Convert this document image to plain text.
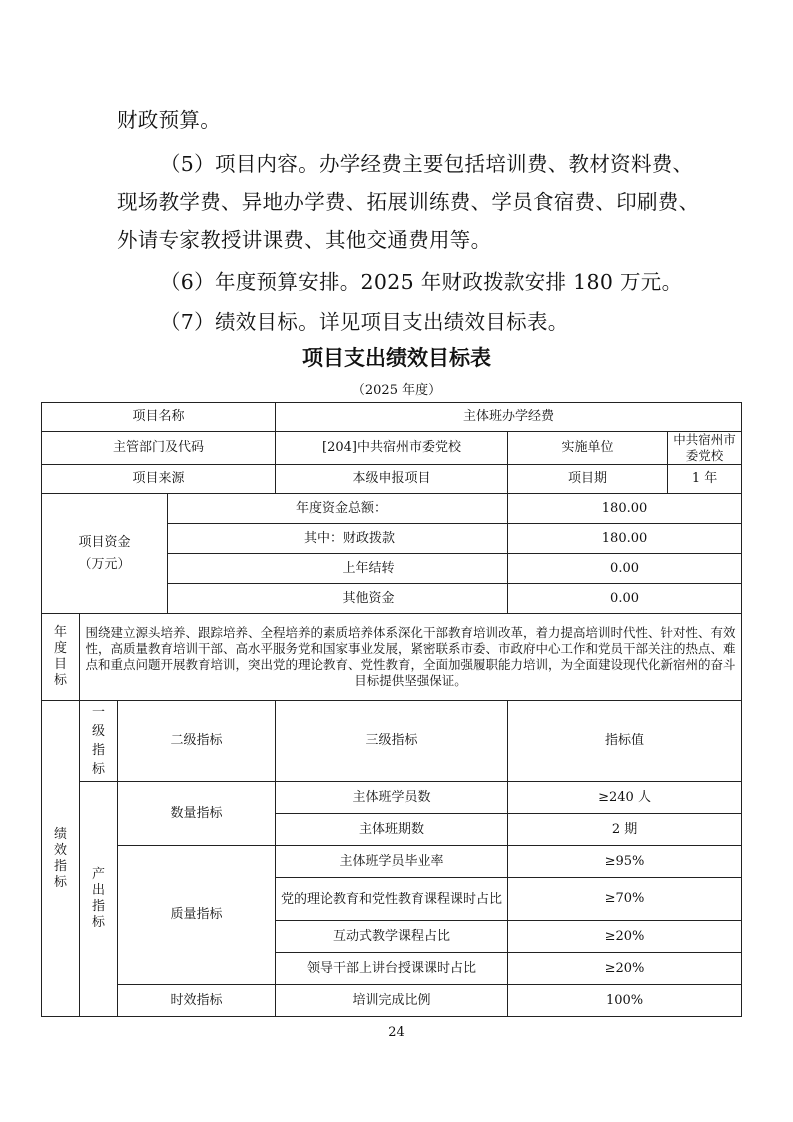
财政预算。
（5）项目内容。办学经费主要包括培训费、教材资料费、
现场教学费、异地办学费、拓展训练费、学员食宿费、印刷费、
外请专家教授讲课费、其他交通费用等。
（6）年度预算安排。2025 年财政拨款安排 180 万元。
（7）绩效目标。详见项目支出绩效目标表。
项目支出绩效目标表
（2025 年度）
项目名称				主体班办学经费		
主管部门及代码				[204]中共宿州市委党校	实施单位	中共宿州市委党校
项目来源				本级申报项目	项目期	1 年
项目资金
（万元）			年度资金总额：		180.00	
			其中：财政拨款		180.00	
			上年结转		0.00	
			其他资金		0.00	
年
度
目
标	围绕建立源头培养、跟踪培养、全程培养的素质培养体系深化干部教育培训改革，着力提高培训时代性、针对性、有效性，高质量教育培训干部、高水平服务党和国家事业发展，紧密联系市委、市政府中心工作和党员干部关注的热点、难点和重点问题开展教育培训，突出党的理论教育、党性教育，全面加强履职能力培训，为全面建设现代化新宿州的奋斗目标提供坚强保证。					
绩
效
指
标	一
级
指
标	二级指标		三级指标	指标值	
	产
出
指
标	数量指标		主体班学员数	≥240 人	
				主体班期数	2 期	
		质量指标		主体班学员毕业率	≥95%	
				党的理论教育和党性教育课程课时占比	≥70%	
				互动式教学课程占比	≥20%	
				领导干部上讲台授课课时占比	≥20%	
		时效指标		培训完成比例	100%	
24
